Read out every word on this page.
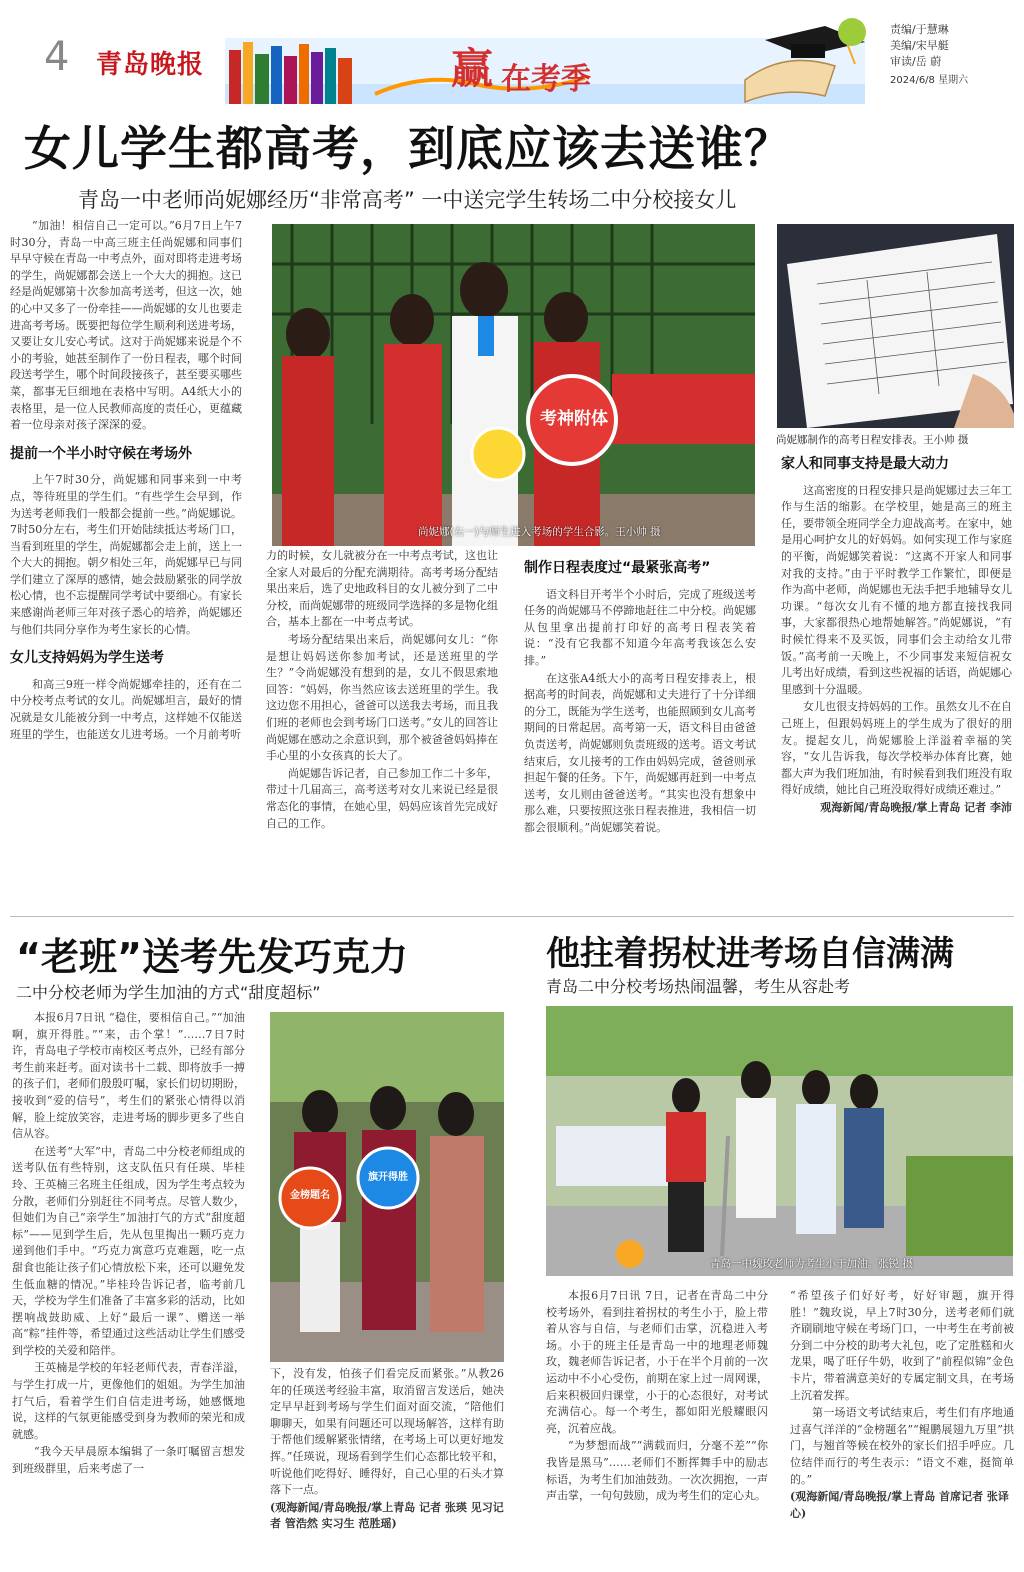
4 青岛晚报	赢 在考季
责编/于慧琳
美编/宋早艇
审读/岳 蔚
2024/6/8 星期六
女儿学生都高考，到底应该去送谁？
青岛一中老师尚妮娜经历“非常高考” 一中送完学生转场二中分校接女儿

“加油！相信自己一定可以。”6月7日上午7时30分，青岛一中高三班主任尚妮娜和同事们早早守候在青岛一中考点外，面对即将走进考场的学生，尚妮娜都会送上一个大大的拥抱。这已经是尚妮娜第十次参加高考送考，但这一次，她的心中又多了一份牵挂——尚妮娜的女儿也要走进高考考场。既要把每位学生顺利利送进考场，又要让女儿安心考试。这对于尚妮娜来说是个不小的考验，她甚至制作了一份日程表，哪个时间段送考学生，哪个时间段接孩子，甚至要买哪些菜，都事无巨细地在表格中写明。A4纸大小的表格里，是一位人民教师高度的责任心，更蕴藏着一位母亲对孩子深深的爱。

提前一个半小时守候在考场外

上午7时30分，尚妮娜和同事来到一中考点，等待班里的学生们。“有些学生会早到，作为送考老师我们一般都会提前一些。”尚妮娜说。7时50分左右，考生们开始陆续抵达考场门口，当看到班里的学生，尚妮娜都会走上前，送上一个大大的拥抱。朝夕相处三年，尚妮娜早已与同学们建立了深厚的感情，她会鼓励紧张的同学放松心情，也不忘提醒同学考试中要细心。有家长来感谢尚老师三年对孩子悉心的培养，尚妮娜还与他们共同分享作为考生家长的心情。

女儿支持妈妈为学生送考

和高三9班一样令尚妮娜牵挂的，还有在二中分校考点考试的女儿。尚妮娜坦言，最好的情况就是女儿能被分到一中考点，这样她不仅能送班里的学生，也能送女儿进考场。一个月前考听

考神附体
尚妮娜(右一)与师生进入考场的学生合影。王小帅 摄

力的时候，女儿就被分在一中考点考试，这也让全家人对最后的分配充满期待。高考考场分配结果出来后，选了史地政科目的女儿被分到了二中分校，而尚妮娜带的班级同学选择的多是物化组合，基本上都在一中考点考试。

考场分配结果出来后，尚妮娜问女儿：“你是想让妈妈送你参加考试，还是送班里的学生？”令尚妮娜没有想到的是，女儿不假思索地回答：“妈妈，你当然应该去送班里的学生。我这边您不用担心，爸爸可以送我去考场，而且我们班的老师也会到考场门口送考。”女儿的回答让尚妮娜在感动之余意识到，那个被爸爸妈妈捧在手心里的小女孩真的长大了。

尚妮娜告诉记者，自己参加工作二十多年，带过十几届高三，高考送考对女儿来说已经是很常态化的事情，在她心里，妈妈应该首先完成好自己的工作。

制作日程表度过“最紧张高考”

语文科目开考半个小时后，完成了班级送考任务的尚妮娜马不停蹄地赶往二中分校。尚妮娜从包里拿出提前打印好的高考日程表笑着说：“没有它我都不知道今年高考我该怎么安排。”

在这张A4纸大小的高考日程安排表上，根据高考的时间表，尚妮娜和丈夫进行了十分详细的分工，既能为学生送考，也能照顾到女儿高考期间的日常起居。高考第一天，语文科目由爸爸负责送考，尚妮娜则负责班级的送考。语文考试结束后，女儿接考的工作由妈妈完成，爸爸则承担起午餐的任务。下午，尚妮娜再赶到一中考点送考，女儿则由爸爸送考。“其实也没有想象中那么难，只要按照这张日程表推进，我相信一切都会很顺利。”尚妮娜笑着说。

尚妮娜制作的高考日程安排表。王小帅 摄
家人和同事支持是最大动力

这高密度的日程安排只是尚妮娜过去三年工作与生活的缩影。在学校里，她是高三的班主任，要带领全班同学全力迎战高考。在家中，她是用心呵护女儿的好妈妈。如何实现工作与家庭的平衡，尚妮娜笑着说：“这离不开家人和同事对我的支持。”由于平时教学工作繁忙，即便是作为高中老师，尚妮娜也无法手把手地辅导女儿功课。“每次女儿有不懂的地方都直接找我同事，大家都很热心地帮她解答。”尚妮娜说，“有时候忙得来不及买饭，同事们会主动给女儿带饭。”高考前一天晚上，不少同事发来短信祝女儿考出好成绩，看到这些祝福的话语，尚妮娜心里感到十分温暖。

女儿也很支持妈妈的工作。虽然女儿不在自己班上，但跟妈妈班上的学生成为了很好的朋友。提起女儿，尚妮娜脸上洋溢着幸福的笑容，“女儿告诉我，每次学校举办体育比赛，她都大声为我们班加油，有时候看到我们班没有取得好成绩，她比自己班没取得好成绩还难过。”

观海新闻/青岛晚报/掌上青岛 记者 李沛

“老班”送考先发巧克力
二中分校老师为学生加油的方式“甜度超标”

本报6月7日讯 “稳住，要相信自己。”“加油啊，旗开得胜。”“来，击个掌！”……7日7时许，青岛电子学校市南校区考点外，已经有部分考生前来赶考。面对读书十二载、即将放手一搏的孩子们，老师们殷殷叮嘱，家长们切切期盼，接收到“爱的信号”，考生们的紧张心情得以消解，脸上绽放笑容，走进考场的脚步更多了些自信从容。

在送考“大军”中，青岛二中分校老师组成的送考队伍有些特别，这支队伍只有任瑛、毕桂玲、王英楠三名班主任组成，因为学生考点较为分散，老师们分别赶往不同考点。尽管人数少，但她们为自己“亲学生”加油打气的方式“甜度超标”——见到学生后，先从包里掏出一颗巧克力递到他们手中。“巧克力寓意巧克难题，吃一点甜食也能让孩子们心情放松下来，还可以避免发生低血糖的情况。”毕桂玲告诉记者，临考前几天，学校为学生们准备了丰富多彩的活动，比如摆响战鼓助威、上好“最后一课”、赠送一举高“粽”挂件等，希望通过这些活动让学生们感受到学校的关爱和陪伴。

王英楠是学校的年轻老师代表，青春洋溢，与学生打成一片，更像他们的姐姐。为学生加油打气后，看着学生们自信走进考场，她感慨地说，这样的气氛更能感受到身为教师的荣光和成就感。

“我今天早晨原本编辑了一条叮嘱留言想发到班级群里，后来考虑了一

金榜题名
旗开得胜

下，没有发，怕孩子们看完反而紧张。”从教26年的任瑛送考经验丰富，取消留言发送后，她决定早早赶到考场与学生们面对面交流，“陪他们聊聊天，如果有问题还可以现场解答，这样有助于帮他们缓解紧张情绪，在考场上可以更好地发挥。”任瑛说，现场看到学生们心态都比较平和，听说他们吃得好、睡得好，自己心里的石头才算落下一点。

(观海新闻/青岛晚报/掌上青岛 记者 张瑛 见习记者 管浩然 实习生 范胜瑶)

他拄着拐杖进考场自信满满
青岛二中分校考场热闹温馨，考生从容赴考
青岛一中魏玫老师为考生小于加油。张锐 摄

本报6月7日讯 7日，记者在青岛二中分校考场外，看到拄着拐杖的考生小于，脸上带着从容与自信，与老师们击掌，沉稳进入考场。小于的班主任是青岛一中的地理老师魏玫，魏老师告诉记者，小于在半个月前的一次运动中不小心受伤，前期在家上过一周网课，后来积极回归课堂，小于的心态很好，对考试充满信心。每一个考生，都如阳光般耀眼闪亮，沉着应战。

“为梦想而战”“满载而归，分毫不差”“你我皆是黑马”……老师们不断挥舞手中的励志标语，为考生们加油鼓劲。一次次拥抱，一声声击掌，一句句鼓励，成为考生们的定心丸。

“希望孩子们好好考，好好审题，旗开得胜！”魏玫说，早上7时30分，送考老师们就齐刷刷地守候在考场门口，一中考生在考前被分到二中分校的助考大礼包，吃了定胜糕和火龙果，喝了旺仔牛奶，收到了“前程似锦”金色卡片，带着满意美好的专属定制文具，在考场上沉着发挥。

第一场语文考试结束后，考生们有序地通过喜气洋洋的“金榜题名”“鲲鹏展翅九万里”拱门，与翘首等候在校外的家长们招手呼应。几位结伴而行的考生表示：“语文不难，挺简单的。”

(观海新闻/青岛晚报/掌上青岛 首席记者 张译心)
